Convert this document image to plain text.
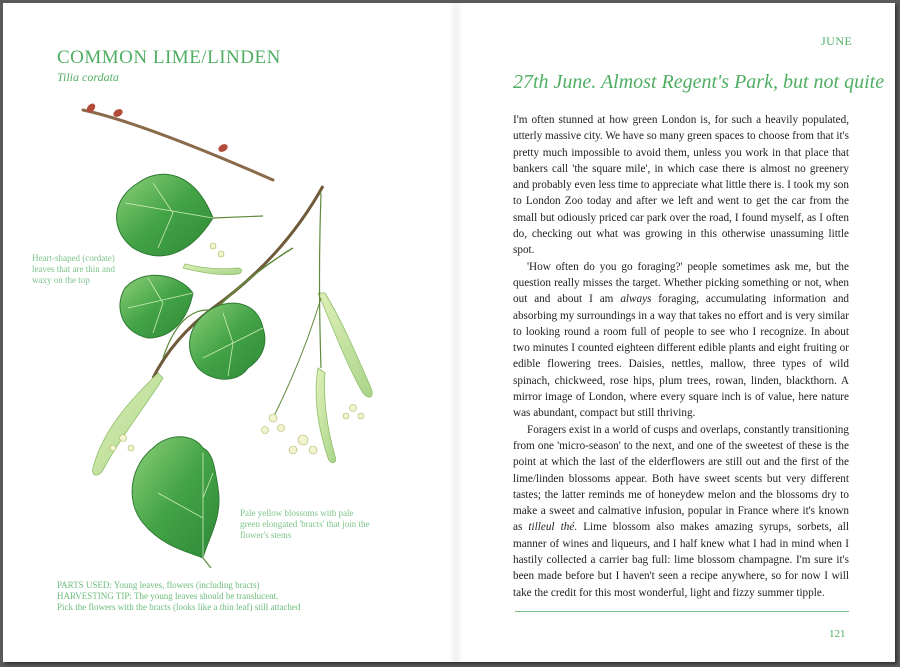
COMMON LIME/LINDEN
Tilia cordata
Heart-shaped (cordate) leaves that are thin and waxy on the top
Pale yellow blossoms with pale green elongated 'bracts' that join the flower's stems
PARTS USED: Young leaves, flowers (including bracts)
HARVESTING TIP: The young leaves should be translucent.
Pick the flowers with the bracts (looks like a thin leaf) still attached
JUNE
27th June. Almost Regent's Park, but not quite

I'm often stunned at how green London is, for such a heavily populated, utterly massive city. We have so many green spaces to choose from that it's pretty much impossible to avoid them, unless you work in that place that bankers call 'the square mile', in which case there is almost no greenery and probably even less time to appreciate what little there is. I took my son to London Zoo today and after we left and went to get the car from the small but odiously priced car park over the road, I found myself, as I often do, checking out what was growing in this otherwise unassuming little spot.

'How often do you go foraging?' people sometimes ask me, but the question really misses the target. Whether picking something or not, when out and about I am always foraging, accumulating information and absorbing my surroundings in a way that takes no effort and is very similar to looking round a room full of people to see who I recognize. In about two minutes I counted eighteen different edible plants and eight fruiting or edible flowering trees. Daisies, nettles, mallow, three types of wild spinach, chickweed, rose hips, plum trees, rowan, linden, blackthorn. A mirror image of London, where every square inch is of value, here nature was abundant, compact but still thriving.

Foragers exist in a world of cusps and overlaps, constantly transitioning from one 'micro-season' to the next, and one of the sweetest of these is the point at which the last of the elderflowers are still out and the first of the lime/linden blossoms appear. Both have sweet scents but very different tastes; the latter reminds me of honeydew melon and the blossoms dry to make a sweet and calmative infusion, popular in France where it's known as tilleul thé. Lime blossom also makes amazing syrups, sorbets, all manner of wines and liqueurs, and I half knew what I had in mind when I hastily collected a carrier bag full: lime blossom champagne. I'm sure it's been made before but I haven't seen a recipe anywhere, so for now I will take the credit for this most wonderful, light and fizzy summer tipple.

121
